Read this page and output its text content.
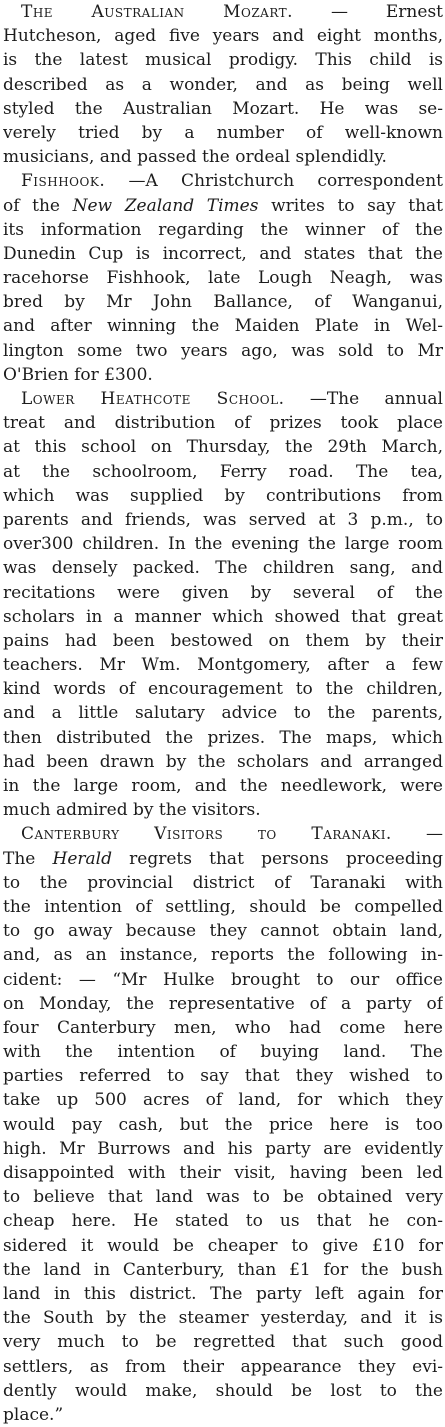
The Australian Mozart. — Ernest
Hutcheson, aged five years and eight months,
is the latest musical prodigy. This child is
described as a wonder, and as being well
styled the Australian Mozart. He was se-
verely tried by a number of well-known
musicians, and passed the ordeal splendidly.
Fishhook. —A Christchurch correspondent
of the New Zealand Times writes to say that
its information regarding the winner of the
Dunedin Cup is incorrect, and states that the
racehorse Fishhook, late Lough Neagh, was
bred by Mr John Ballance, of Wanganui,
and after winning the Maiden Plate in Wel-
lington some two years ago, was sold to Mr
O'Brien for £300.
Lower Heathcote School. —The annual
treat and distribution of prizes took place
at this school on Thursday, the 29th March,
at the schoolroom, Ferry road. The tea,
which was supplied by contributions from
parents and friends, was served at 3 p.m., to
over300 children. In the evening the large room
was densely packed. The children sang, and
recitations were given by several of the
scholars in a manner which showed that great
pains had been bestowed on them by their
teachers. Mr Wm. Montgomery, after a few
kind words of encouragement to the children,
and a little salutary advice to the parents,
then distributed the prizes. The maps, which
had been drawn by the scholars and arranged
in the large room, and the needlework, were
much admired by the visitors.
Canterbury Visitors to Taranaki. —
The Herald regrets that persons proceeding
to the provincial district of Taranaki with
the intention of settling, should be compelled
to go away because they cannot obtain land,
and, as an instance, reports the following in-
cident: — “Mr Hulke brought to our office
on Monday, the representative of a party of
four Canterbury men, who had come here
with the intention of buying land. The
parties referred to say that they wished to
take up 500 acres of land, for which they
would pay cash, but the price here is too
high. Mr Burrows and his party are evidently
disappointed with their visit, having been led
to believe that land was to be obtained very
cheap here. He stated to us that he con-
sidered it would be cheaper to give £10 for
the land in Canterbury, than £1 for the bush
land in this district. The party left again for
the South by the steamer yesterday, and it is
very much to be regretted that such good
settlers, as from their appearance they evi-
dently would make, should be lost to the
place.”
